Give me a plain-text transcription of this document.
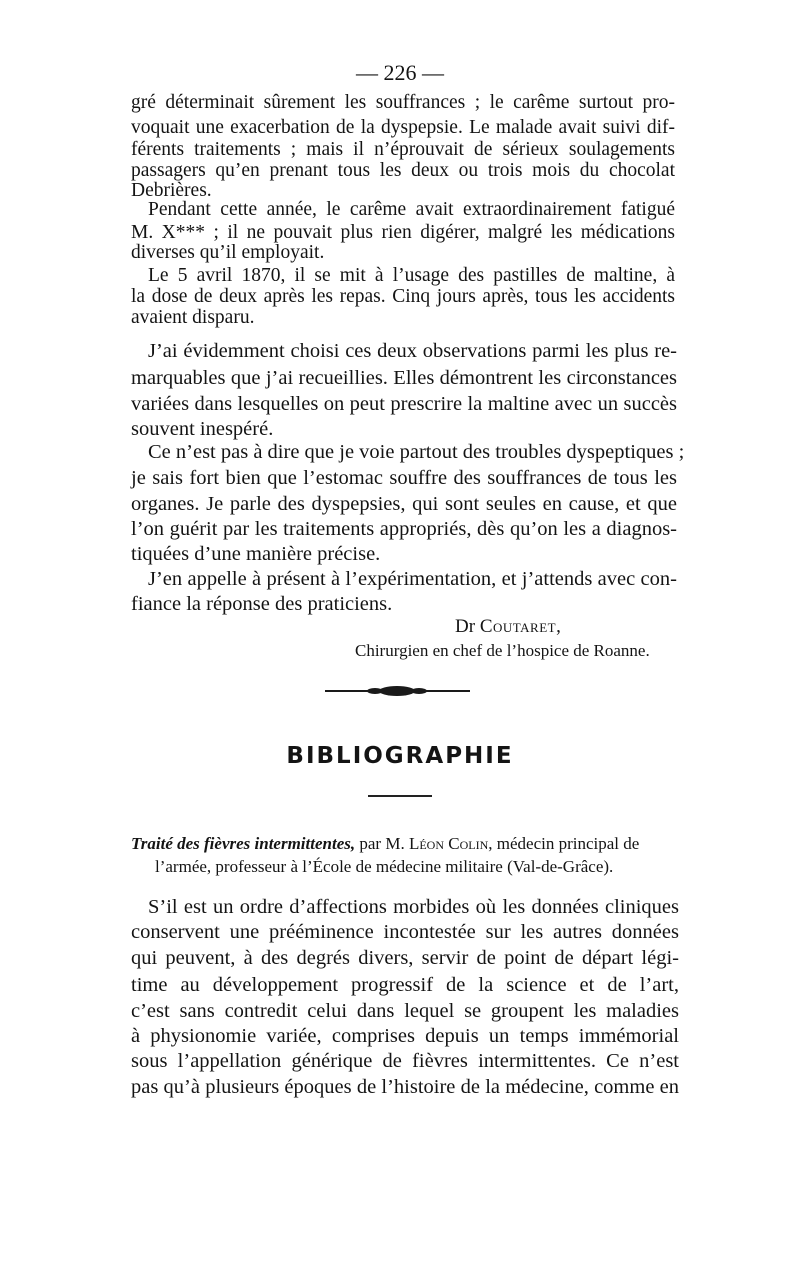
— 226 —
gré déterminait sûrement les souffrances ; le carême surtout pro-
voquait une exacerbation de la dyspepsie. Le malade avait suivi dif-
férents traitements ; mais il n’éprouvait de sérieux soulagements
passagers qu’en prenant tous les deux ou trois mois du chocolat
Debrières.
Pendant cette année, le carême avait extraordinairement fatigué
M. X*** ; il ne pouvait plus rien digérer, malgré les médications
diverses qu’il employait.
Le 5 avril 1870, il se mit à l’usage des pastilles de maltine, à
la dose de deux après les repas. Cinq jours après, tous les accidents
avaient disparu.
J’ai évidemment choisi ces deux observations parmi les plus re-
marquables que j’ai recueillies. Elles démontrent les circonstances
variées dans lesquelles on peut prescrire la maltine avec un succès
souvent inespéré.
Ce n’est pas à dire que je voie partout des troubles dyspeptiques ;
je sais fort bien que l’estomac souffre des souffrances de tous les
organes. Je parle des dyspepsies, qui sont seules en cause, et que
l’on guérit par les traitements appropriés, dès qu’on les a diagnos-
tiquées d’une manière précise.
J’en appelle à présent à l’expérimentation, et j’attends avec con-
fiance la réponse des praticiens.
Dr Coutaret,
Chirurgien en chef de l’hospice de Roanne.
BIBLIOGRAPHIE
Traité des fièvres intermittentes, par M. Léon Colin, médecin principal de
l’armée, professeur à l’École de médecine militaire (Val-de-Grâce).
S’il est un ordre d’affections morbides où les données cliniques
conservent une prééminence incontestée sur les autres données
qui peuvent, à des degrés divers, servir de point de départ légi-
time au développement progressif de la science et de l’art,
c’est sans contredit celui dans lequel se groupent les maladies
à physionomie variée, comprises depuis un temps immémorial
sous l’appellation générique de fièvres intermittentes. Ce n’est
pas qu’à plusieurs époques de l’histoire de la médecine, comme en
